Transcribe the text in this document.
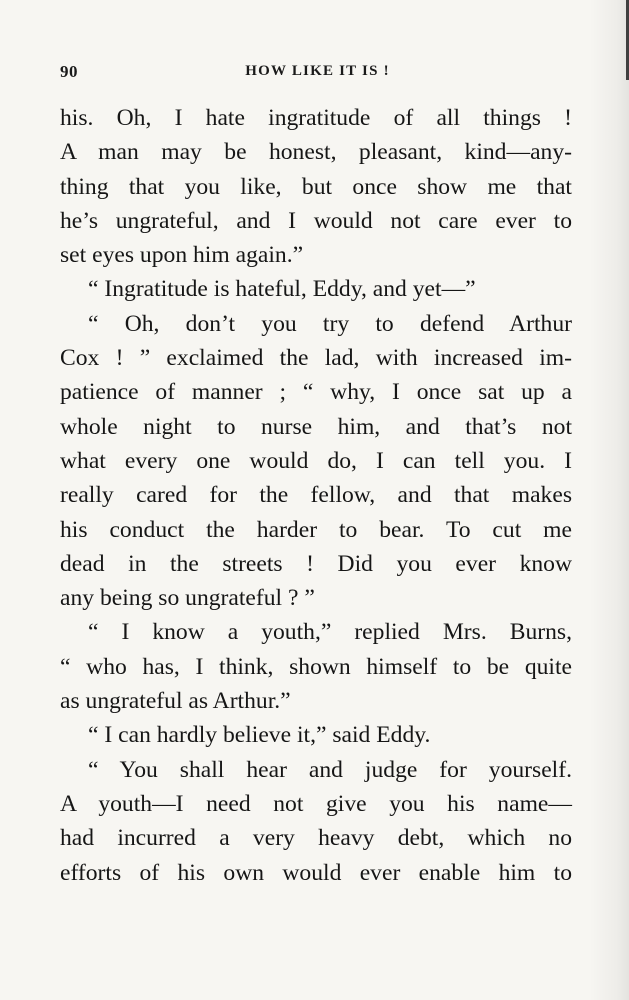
90	HOW LIKE IT IS !
his. Oh, I hate ingratitude of all things !
A man may be honest, pleasant, kind—any-
thing that you like, but once show me that
he’s ungrateful, and I would not care ever to
set eyes upon him again.”
“ Ingratitude is hateful, Eddy, and yet—”
“ Oh, don’t you try to defend Arthur
Cox ! ” exclaimed the lad, with increased im-
patience of manner ; “ why, I once sat up a
whole night to nurse him, and that’s not
what every one would do, I can tell you. I
really cared for the fellow, and that makes
his conduct the harder to bear. To cut me
dead in the streets ! Did you ever know
any being so ungrateful ? ”
“ I know a youth,” replied Mrs. Burns,
“ who has, I think, shown himself to be quite
as ungrateful as Arthur.”
“ I can hardly believe it,” said Eddy.
“ You shall hear and judge for yourself.
A youth—I need not give you his name—
had incurred a very heavy debt, which no
efforts of his own would ever enable him to
